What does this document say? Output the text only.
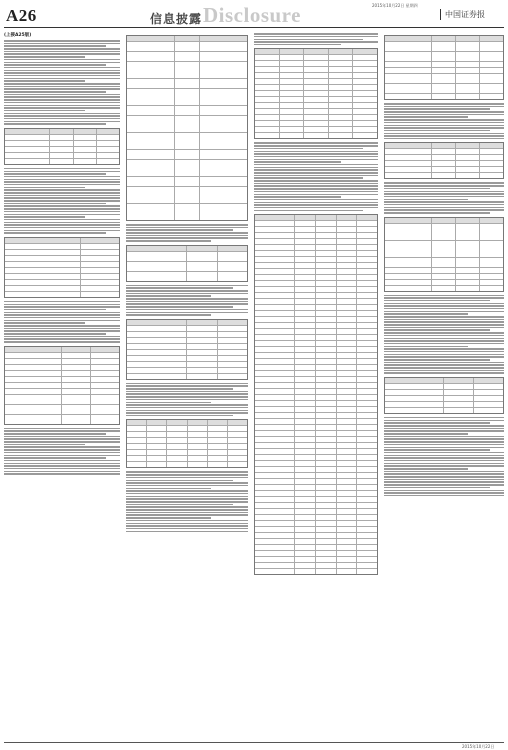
A26	信息披露 Disclosure	2015年10月22日 星期四
中国证券报
(上接A25版)
2015年10月22日
